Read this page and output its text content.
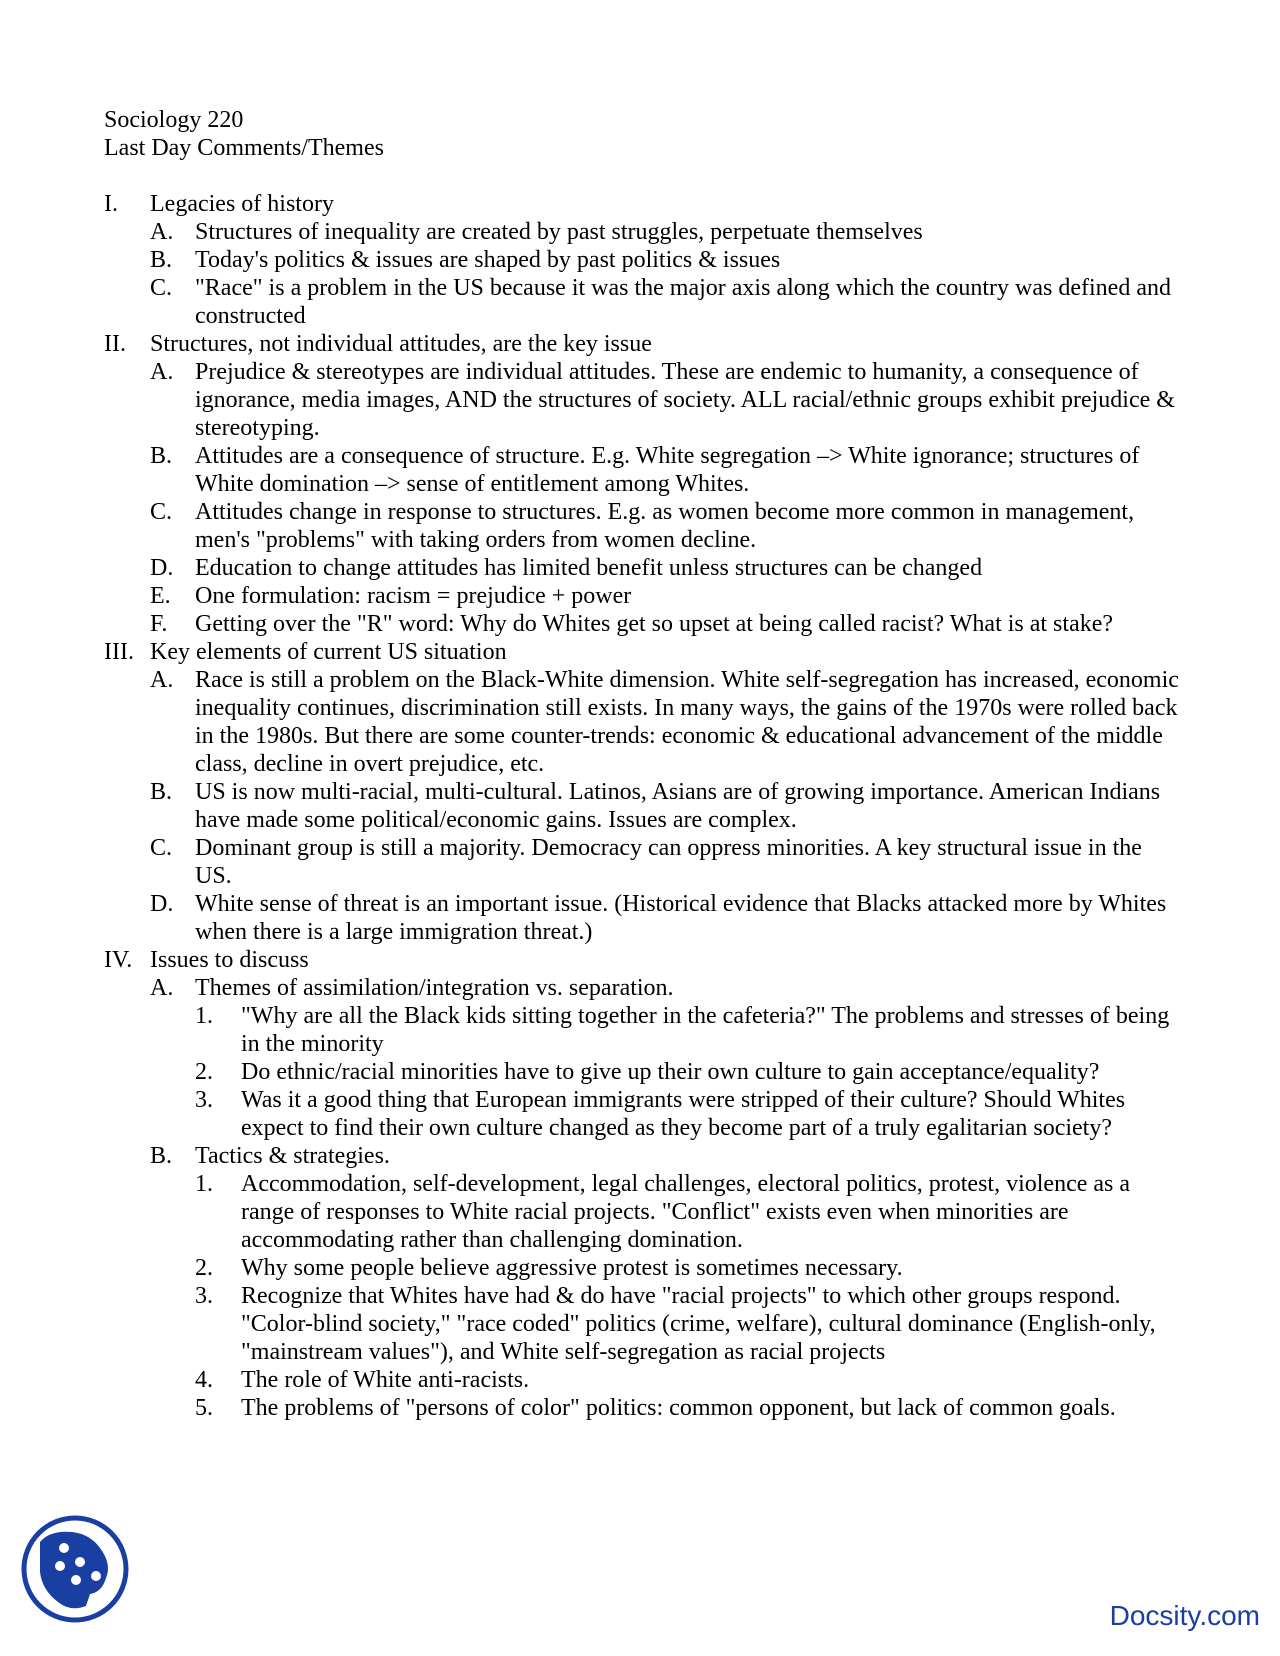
Sociology 220
Last Day Comments/Themes
I. Legacies of history
A. Structures of inequality are created by past struggles, perpetuate themselves
B. Today's politics & issues are shaped by past politics & issues
C. "Race" is a problem in the US because it was the major axis along which the country was defined and constructed
II. Structures, not individual attitudes, are the key issue
A. Prejudice & stereotypes are individual attitudes. These are endemic to humanity, a consequence of ignorance, media images, AND the structures of society. ALL racial/ethnic groups exhibit prejudice & stereotyping.
B. Attitudes are a consequence of structure. E.g. White segregation –> White ignorance; structures of White domination –> sense of entitlement among Whites.
C. Attitudes change in response to structures. E.g. as women become more common in management, men's "problems" with taking orders from women decline.
D. Education to change attitudes has limited benefit unless structures can be changed
E. One formulation: racism = prejudice + power
F. Getting over the "R" word: Why do Whites get so upset at being called racist? What is at stake?
III. Key elements of current US situation
A. Race is still a problem on the Black-White dimension. White self-segregation has increased, economic inequality continues, discrimination still exists. In many ways, the gains of the 1970s were rolled back in the 1980s. But there are some counter-trends: economic & educational advancement of the middle class, decline in overt prejudice, etc.
B. US is now multi-racial, multi-cultural. Latinos, Asians are of growing importance. American Indians have made some political/economic gains. Issues are complex.
C. Dominant group is still a majority. Democracy can oppress minorities. A key structural issue in the US.
D. White sense of threat is an important issue. (Historical evidence that Blacks attacked more by Whites when there is a large immigration threat.)
IV. Issues to discuss
A. Themes of assimilation/integration vs. separation.
1. "Why are all the Black kids sitting together in the cafeteria?" The problems and stresses of being in the minority
2. Do ethnic/racial minorities have to give up their own culture to gain acceptance/equality?
3. Was it a good thing that European immigrants were stripped of their culture? Should Whites expect to find their own culture changed as they become part of a truly egalitarian society?
B. Tactics & strategies.
1. Accommodation, self-development, legal challenges, electoral politics, protest, violence as a range of responses to White racial projects. "Conflict" exists even when minorities are accommodating rather than challenging domination.
2. Why some people believe aggressive protest is sometimes necessary.
3. Recognize that Whites have had & do have "racial projects" to which other groups respond. "Color-blind society," "race coded" politics (crime, welfare), cultural dominance (English-only, "mainstream values"), and White self-segregation as racial projects
4. The role of White anti-racists.
5. The problems of "persons of color" politics: common opponent, but lack of common goals.
Docsity.com
